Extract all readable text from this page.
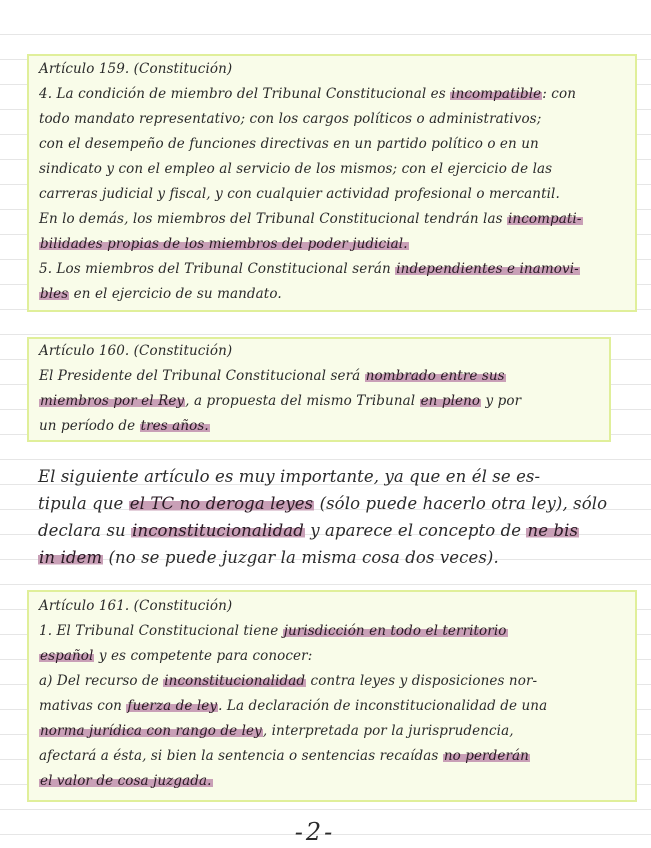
Artículo 159. (Constitución)
4. La condición de miembro del Tribunal Constitucional es incompatible: con
todo mandato representativo; con los cargos políticos o administrativos;
con el desempeño de funciones directivas en un partido político o en un
sindicato y con el empleo al servicio de los mismos; con el ejercicio de las
carreras judicial y fiscal, y con cualquier actividad profesional o mercantil.
En lo demás, los miembros del Tribunal Constitucional tendrán las incompati-
bilidades propias de los miembros del poder judicial.
5. Los miembros del Tribunal Constitucional serán independientes e inamovi-
bles en el ejercicio de su mandato.
Artículo 160. (Constitución)
El Presidente del Tribunal Constitucional será nombrado entre sus
miembros por el Rey, a propuesta del mismo Tribunal en pleno y por
un período de tres años.
El siguiente artículo es muy importante, ya que en él se es-
tipula que el TC no deroga leyes (sólo puede hacerlo otra ley), sólo
declara su inconstitucionalidad y aparece el concepto de ne bis
in idem (no se puede juzgar la misma cosa dos veces).
Artículo 161. (Constitución)
1. El Tribunal Constitucional tiene jurisdicción en todo el territorio
español y es competente para conocer:
a) Del recurso de inconstitucionalidad contra leyes y disposiciones nor-
mativas con fuerza de ley. La declaración de inconstitucionalidad de una
norma jurídica con rango de ley, interpretada por la jurisprudencia,
afectará a ésta, si bien la sentencia o sentencias recaídas no perderán
el valor de cosa juzgada.
-2-
